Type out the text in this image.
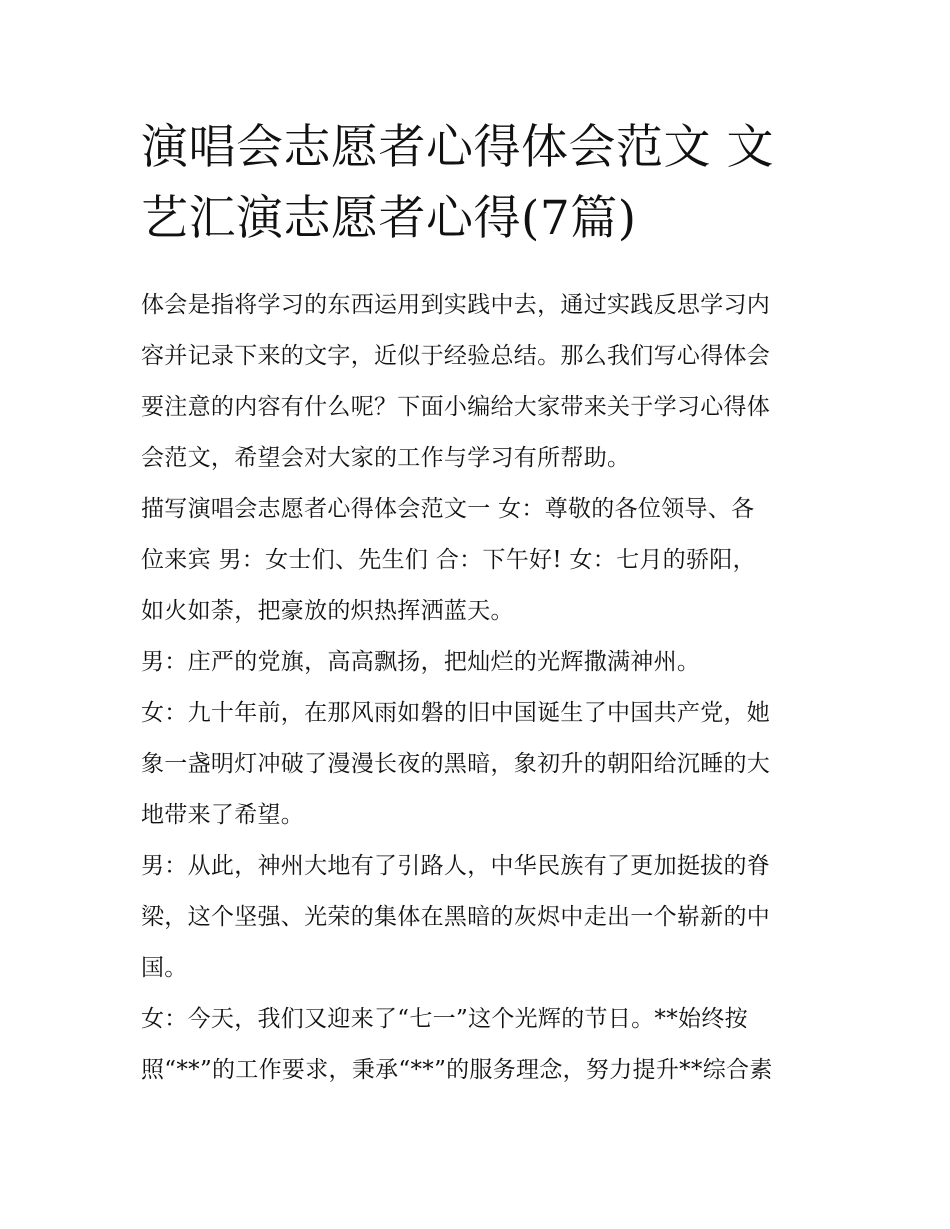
演唱会志愿者心得体会范文 文
艺汇演志愿者心得(7篇)

体会是指将学习的东西运用到实践中去，通过实践反思学习内
容并记录下来的文字，近似于经验总结。那么我们写心得体会
要注意的内容有什么呢？下面小编给大家带来关于学习心得体
会范文，希望会对大家的工作与学习有所帮助。

描写演唱会志愿者心得体会范文一 女：尊敬的各位领导、各
位来宾 男：女士们、先生们 合：下午好! 女：七月的骄阳，
如火如荼，把豪放的炽热挥洒蓝天。

男：庄严的党旗，高高飘扬，把灿烂的光辉撒满神州。

女：九十年前，在那风雨如磐的旧中国诞生了中国共产党，她
象一盏明灯冲破了漫漫长夜的黑暗，象初升的朝阳给沉睡的大
地带来了希望。

男：从此，神州大地有了引路人，中华民族有了更加挺拔的脊
梁，这个坚强、光荣的集体在黑暗的灰烬中走出一个崭新的中
国。

女：今天，我们又迎来了“七一”这个光辉的节日。**始终按
照“**”的工作要求，秉承“**”的服务理念，努力提升**综合素
